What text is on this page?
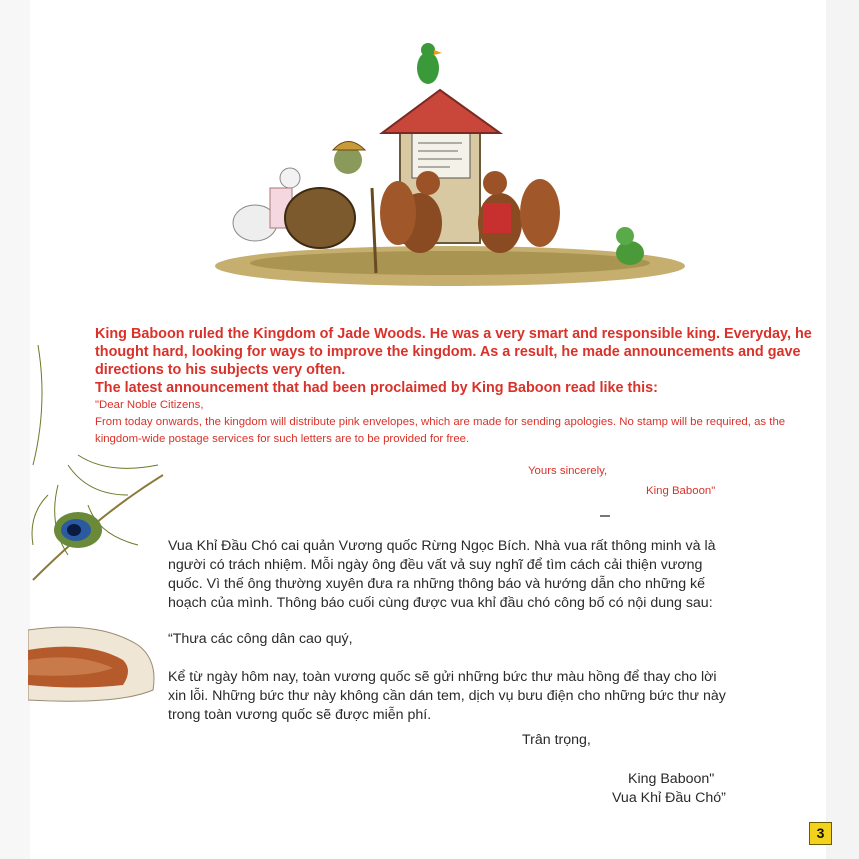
King Baboon ruled the Kingdom of Jade Woods. He was a very smart and responsible king. Everyday, he thought hard, looking for ways to improve the kingdom. As a result, he made announcements and gave directions to his subjects very often.

The latest announcement that had been proclaimed by King Baboon read like this:

"Dear Noble Citizens,

From today onwards, the kingdom will distribute pink envelopes, which are made for sending apologies. No stamp will be required, as the kingdom-wide postage services for such letters are to be provided for free.

Yours sincerely,
King Baboon"

Vua Khỉ Đầu Chó cai quản Vương quốc Rừng Ngọc Bích. Nhà vua rất thông minh và là người có trách nhiệm. Mỗi ngày ông đều vất vả suy nghĩ để tìm cách cải thiện vương quốc. Vì thế ông thường xuyên đưa ra những thông báo và hướng dẫn cho những kế hoạch của mình. Thông báo cuối cùng được vua khỉ đầu chó công bố có nội dung sau:

“Thưa các công dân cao quý,

Kể từ ngày hôm nay, toàn vương quốc sẽ gửi những bức thư màu hồng để thay cho lời xin lỗi. Những bức thư này không cần dán tem, dịch vụ bưu điện cho những bức thư này trong toàn vương quốc sẽ được miễn phí.

Trân trọng,
King Baboon"
Vua Khỉ Đầu Chó”
3
